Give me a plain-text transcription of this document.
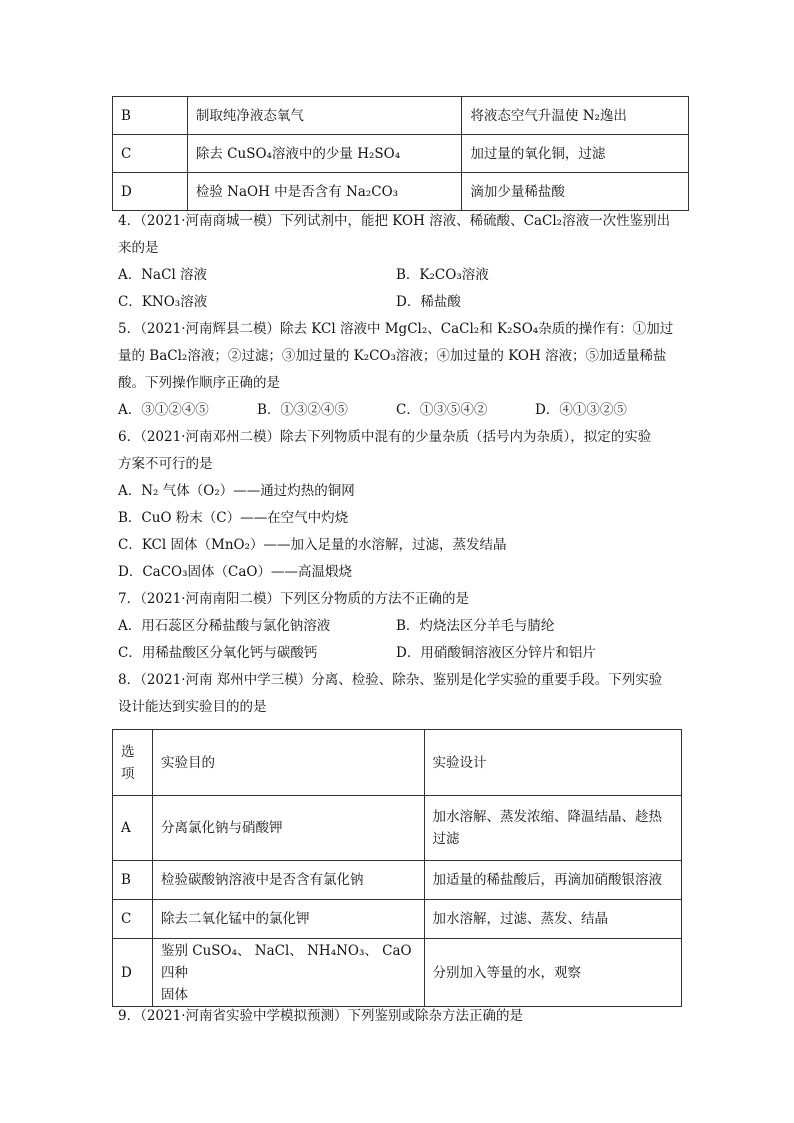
B	制取纯净液态氧气	将液态空气升温使 N₂逸出
C	除去 CuSO₄溶液中的少量 H₂SO₄	加过量的氧化铜，过滤
D	检验 NaOH 中是否含有 Na₂CO₃	滴加少量稀盐酸
4．（2021·河南商城一模）下列试剂中，能把 KOH 溶液、稀硫酸、CaCl₂溶液一次性鉴别出
来的是
A．NaCl 溶液	B．K₂CO₃溶液
C．KNO₃溶液	D．稀盐酸
5．（2021·河南辉县二模）除去 KCl 溶液中 MgCl₂、CaCl₂和 K₂SO₄杂质的操作有：①加过
量的 BaCl₂溶液；②过滤；③加过量的 K₂CO₃溶液；④加过量的 KOH 溶液；⑤加适量稀盐
酸。下列操作顺序正确的是
A．③①②④⑤	B．①③②④⑤	C．①③⑤④②	D．④①③②⑤
6．（2021·河南邓州二模）除去下列物质中混有的少量杂质（括号内为杂质），拟定的实验
方案不可行的是
A．N₂ 气体（O₂）——通过灼热的铜网
B．CuO 粉末（C）——在空气中灼烧
C．KCl 固体（MnO₂）——加入足量的水溶解，过滤，蒸发结晶
D．CaCO₃固体（CaO）——高温煅烧
7．（2021·河南南阳二模）下列区分物质的方法不正确的是
A．用石蕊区分稀盐酸与氯化钠溶液	B．灼烧法区分羊毛与腈纶
C．用稀盐酸区分氧化钙与碳酸钙	D．用硝酸铜溶液区分锌片和铝片
8．（2021·河南 郑州中学三模）分离、检验、除杂、鉴别是化学实验的重要手段。下列实验
设计能达到实验目的的是
选
项	实验目的	实验设计
A	分离氯化钠与硝酸钾	加水溶解、蒸发浓缩、降温结晶、趁热
过滤

B	检验碳酸钠溶液中是否含有氯化钠	加适量的稀盐酸后，再滴加硝酸银溶液
C	除去二氧化锰中的氯化钾	加水溶解，过滤、蒸发、结晶
D	鉴别 CuSO₄、 NaCl、 NH₄NO₃、 CaO 四种
固体	分别加入等量的水，观察
9．（2021·河南省实验中学模拟预测）下列鉴别或除杂方法正确的是
